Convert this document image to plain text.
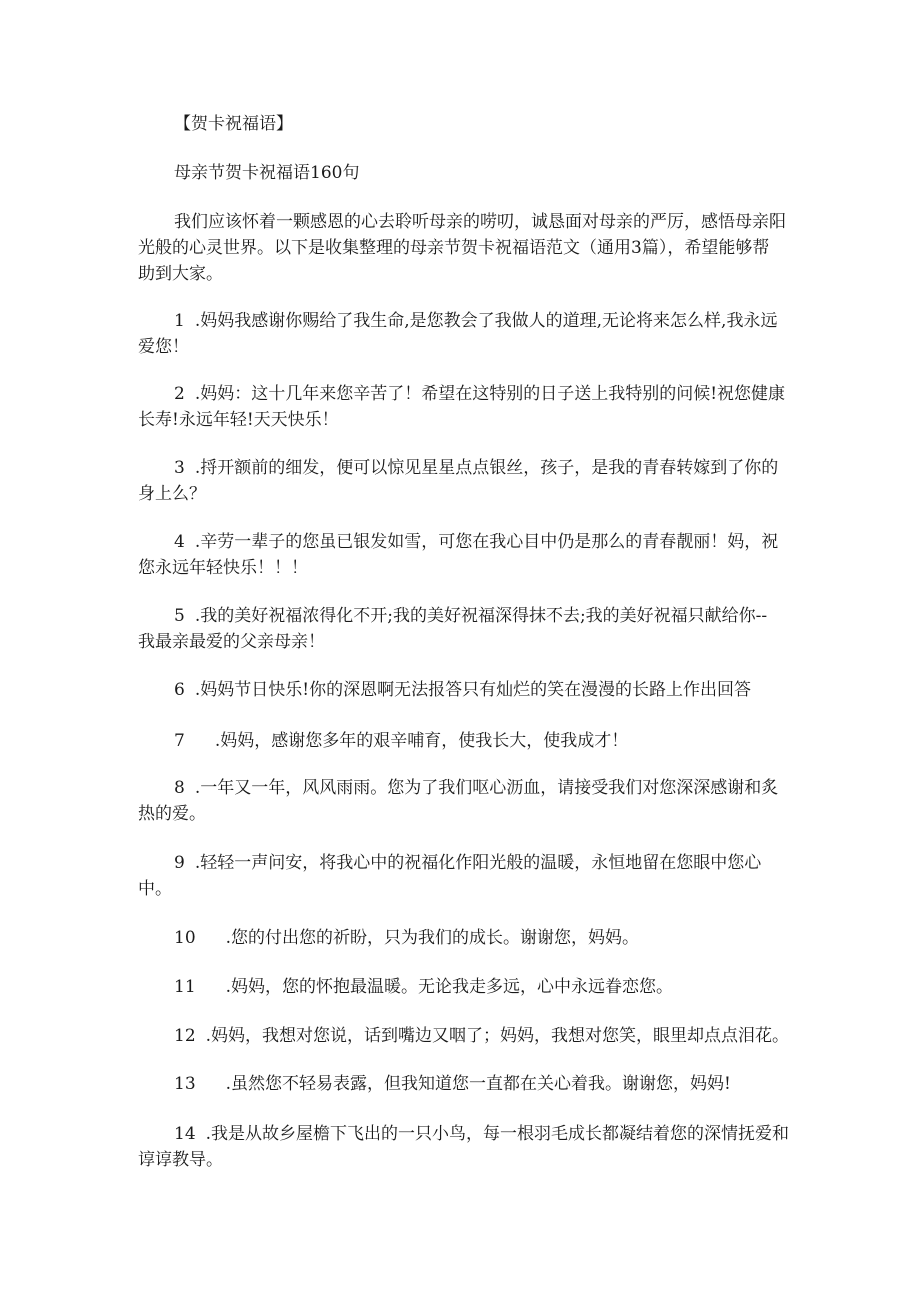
【贺卡祝福语】
母亲节贺卡祝福语160句
我们应该怀着一颗感恩的心去聆听母亲的唠叨，诚恳面对母亲的严厉，感悟母亲阳
光般的心灵世界。以下是收集整理的母亲节贺卡祝福语范文（通用3篇），希望能够帮
助到大家。
1 .妈妈我感谢你赐给了我生命,是您教会了我做人的道理,无论将来怎么样,我永远
爱您！
2 .妈妈：这十几年来您辛苦了！希望在这特别的日子送上我特别的问候!祝您健康
长寿!永远年轻!天天快乐！
3 .捋开额前的细发，便可以惊见星星点点银丝，孩子，是我的青春转嫁到了你的
身上么？
4 .辛劳一辈子的您虽已银发如雪，可您在我心目中仍是那么的青春靓丽！妈，祝
您永远年轻快乐！！！
5 .我的美好祝福浓得化不开;我的美好祝福深得抹不去;我的美好祝福只献给你--
我最亲最爱的父亲母亲！
6 .妈妈节日快乐!你的深恩啊无法报答只有灿烂的笑在漫漫的长路上作出回答
7 .妈妈，感谢您多年的艰辛哺育，使我长大，使我成才！
8 .一年又一年，风风雨雨。您为了我们呕心沥血，请接受我们对您深深感谢和炙
热的爱。
9 .轻轻一声问安，将我心中的祝福化作阳光般的温暖，永恒地留在您眼中您心
中。
10 .您的付出您的祈盼，只为我们的成长。谢谢您，妈妈。
11 .妈妈，您的怀抱最温暖。无论我走多远，心中永远眷恋您。
12 .妈妈，我想对您说，话到嘴边又咽了；妈妈，我想对您笑，眼里却点点泪花。
13 .虽然您不轻易表露，但我知道您一直都在关心着我。谢谢您，妈妈!
14 .我是从故乡屋檐下飞出的一只小鸟，每一根羽毛成长都凝结着您的深情抚爱和
谆谆教导。
